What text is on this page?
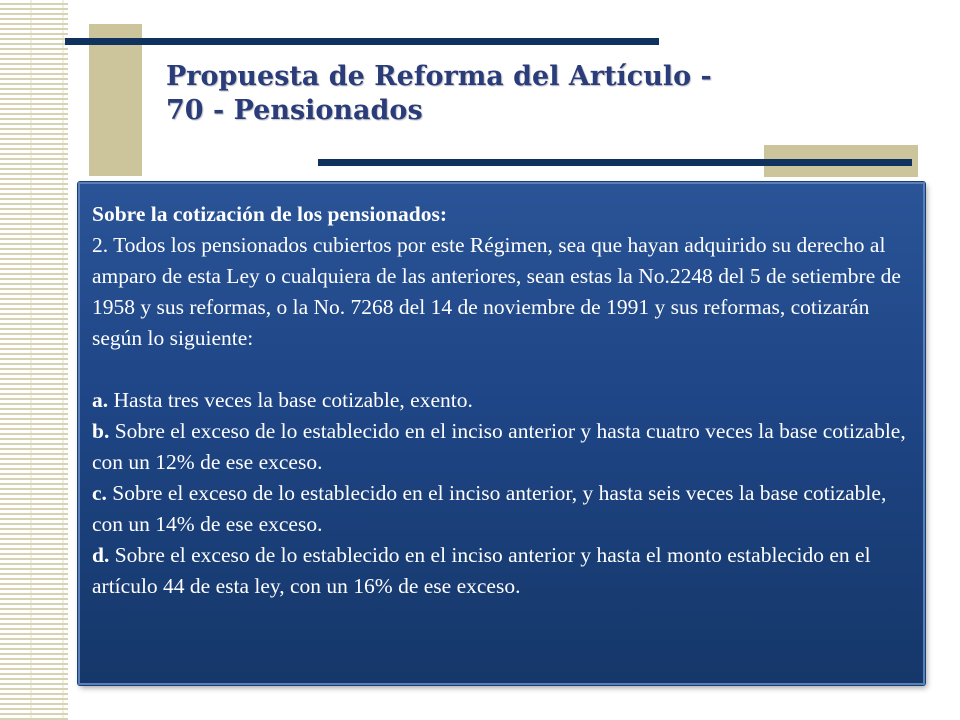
Propuesta de Reforma del Artículo -
70 - Pensionados

Sobre la cotización de los pensionados:

2. Todos los pensionados cubiertos por este Régimen, sea que hayan adquirido su derecho al amparo de esta Ley o cualquiera de las anteriores, sean estas la No.2248 del 5 de setiembre de 1958 y sus reformas, o la No. 7268 del 14 de noviembre de 1991 y sus reformas, cotizarán según lo siguiente:

a. Hasta tres veces la base cotizable, exento.

b. Sobre el exceso de lo establecido en el inciso anterior y hasta cuatro veces la base cotizable, con un 12% de ese exceso.

c. Sobre el exceso de lo establecido en el inciso anterior, y hasta seis veces la base cotizable, con un 14% de ese exceso.

d. Sobre el exceso de lo establecido en el inciso anterior y hasta el monto establecido en el artículo 44 de esta ley, con un 16% de ese exceso.
